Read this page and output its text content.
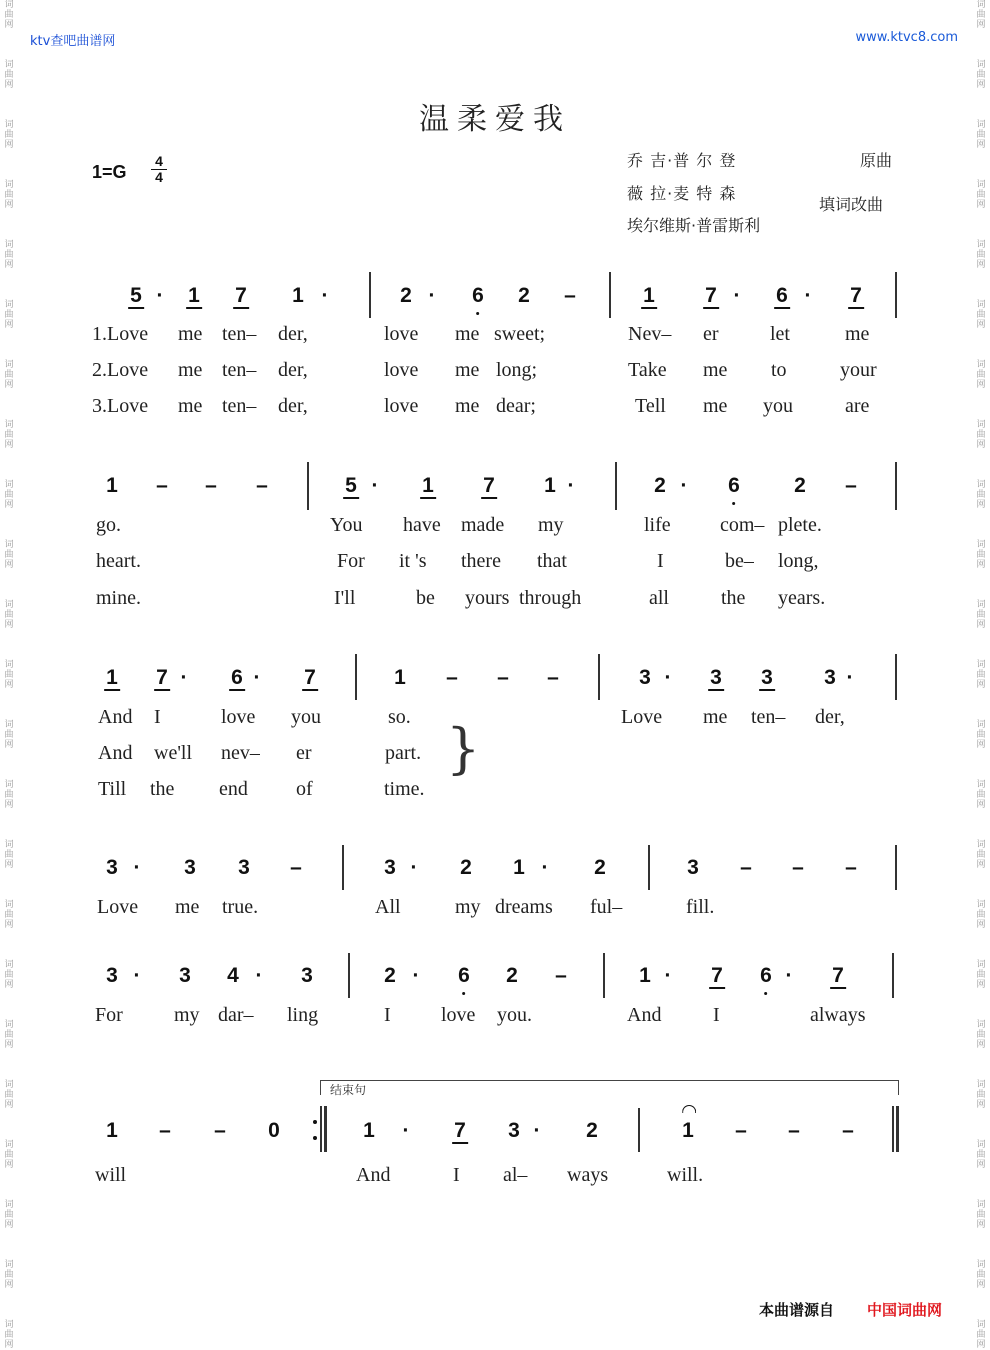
词
曲
网
词
曲
网
词
曲
网
词
曲
网
词
曲
网
词
曲
网
词
曲
网
词
曲
网
词
曲
网
词
曲
网
词
曲
网
词
曲
网
词
曲
网
词
曲
网
词
曲
网
词
曲
网
词
曲
网
词
曲
网
词
曲
网
词
曲
网
词
曲
网
词
曲
网
词
曲
网
词
曲
网
词
曲
网
词
曲
网
词
曲
网
词
曲
网
词
曲
网
词
曲
网
词
曲
网
词
曲
网
词
曲
网
词
曲
网
词
曲
网
词
曲
网
词
曲
网
词
曲
网
词
曲
网
词
曲
网
词
曲
网
词
曲
网
词
曲
网
词
曲
网
词
曲
网
词
曲
网
ktv查吧曲谱网	www.ktvc8.com
温柔爱我
$1=G \frac{4}{4}$	乔 吉·普 尔 登	原曲
薇 拉·麦 特 森
埃尔维斯·普雷斯利
填词改曲
5 · 1 7 1 ·	2 · 6 2 –	1 7 · 6 · 7
1.Love me ten– der,	love me sweet;	Nev– er	let	me
2.Love me ten– der,	love me long;	Take me to	your
3.Love me ten– der,	love me dear;	Tell me you	are
1 – – –	5 · 1 7 1 ·	2 · 6	2 –
go.	You have made my	life com– plete.
heart.	For it 's there that	I	be– long,
mine.	I'll	be yours through	all	the years.
1 7 · 6 · 7	1 – – –	3 · 3 3 3 ·
And I	love you	so.	Love me ten– der,
And we'll nev– er	part.
Till the end of	time.
3 · 3 3 –	3 · 2 1 · 2	3 – – –
Love me true.	All	my dreams ful–	fill.
3 · 3 4 · 3	2 · 6 2 –	1 · 7 6 · 7
For	my dar– ling	I	love you.	And	I	always
1 – – 0	1 · 7 3 · 2	1 – – –
will	And	I al– ways	will.
结束句
}
本曲谱源自 中国词曲网
